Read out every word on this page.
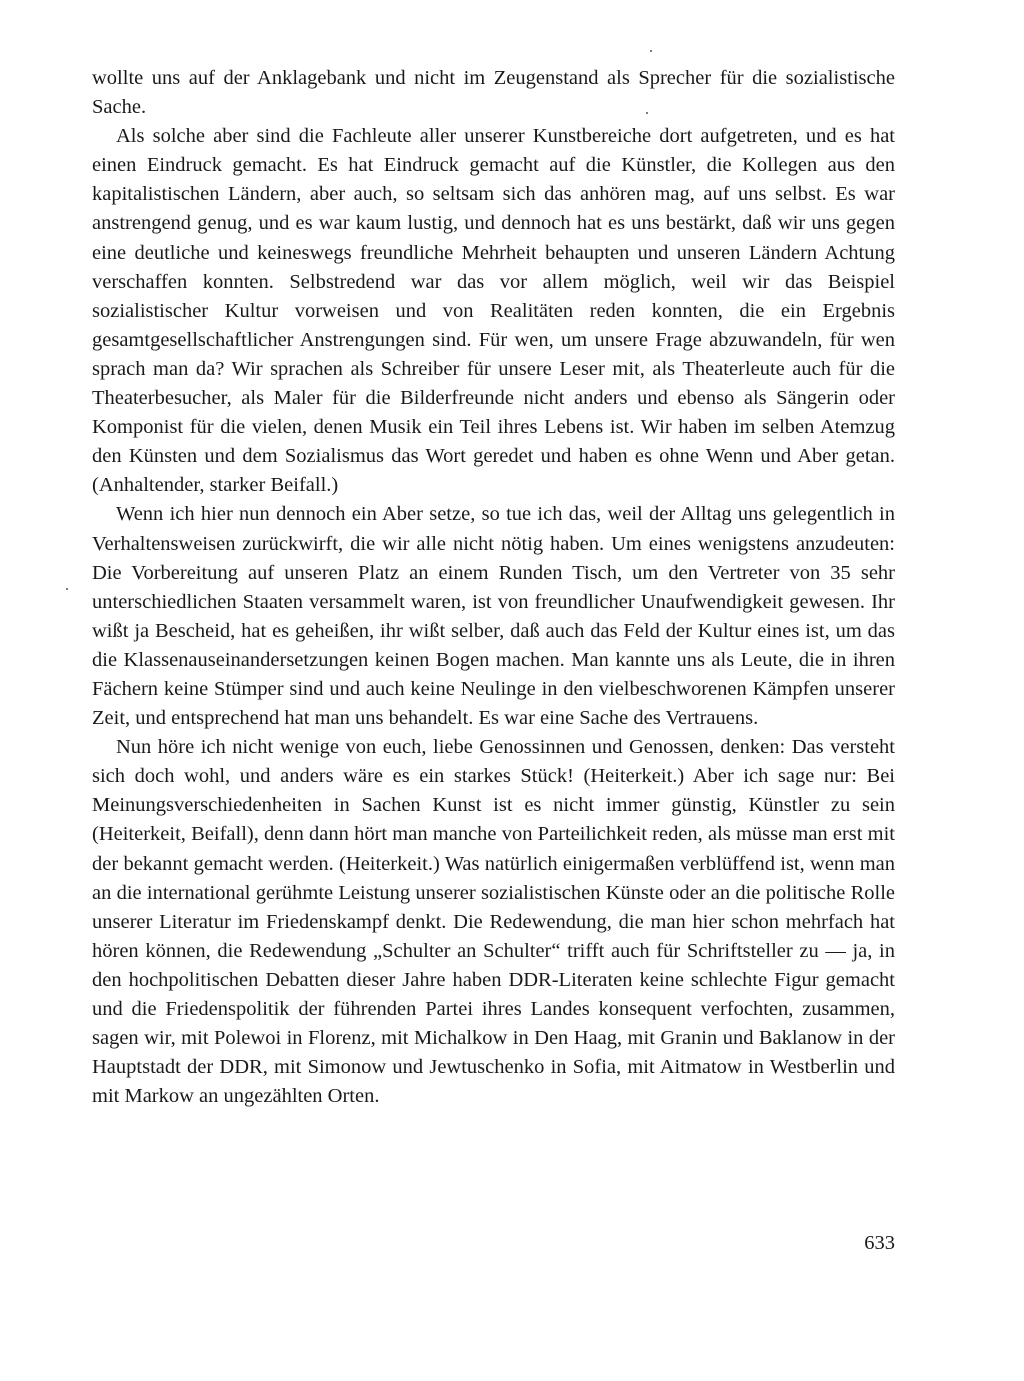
wollte uns auf der Anklagebank und nicht im Zeugenstand als Sprecher für die sozialistische Sache.

Als solche aber sind die Fachleute aller unserer Kunstbereiche dort aufgetreten, und es hat einen Eindruck gemacht. Es hat Eindruck gemacht auf die Künstler, die Kollegen aus den kapitalistischen Ländern, aber auch, so seltsam sich das anhören mag, auf uns selbst. Es war anstrengend genug, und es war kaum lustig, und dennoch hat es uns bestärkt, daß wir uns gegen eine deutliche und keineswegs freundliche Mehrheit behaupten und unseren Ländern Achtung verschaffen konnten. Selbstredend war das vor allem möglich, weil wir das Beispiel sozialistischer Kultur vorweisen und von Realitäten reden konnten, die ein Ergebnis gesamtgesellschaftlicher Anstrengungen sind. Für wen, um unsere Frage abzuwandeln, für wen sprach man da? Wir sprachen als Schreiber für unsere Leser mit, als Theaterleute auch für die Theaterbesucher, als Maler für die Bilderfreunde nicht anders und ebenso als Sängerin oder Komponist für die vielen, denen Musik ein Teil ihres Lebens ist. Wir haben im selben Atemzug den Künsten und dem Sozialismus das Wort geredet und haben es ohne Wenn und Aber getan. (Anhaltender, starker Beifall.)

Wenn ich hier nun dennoch ein Aber setze, so tue ich das, weil der Alltag uns gelegentlich in Verhaltensweisen zurückwirft, die wir alle nicht nötig haben. Um eines wenigstens anzudeuten: Die Vorbereitung auf unseren Platz an einem Runden Tisch, um den Vertreter von 35 sehr unterschiedlichen Staaten versammelt waren, ist von freundlicher Unaufwendigkeit gewesen. Ihr wißt ja Bescheid, hat es geheißen, ihr wißt selber, daß auch das Feld der Kultur eines ist, um das die Klassenauseinandersetzungen keinen Bogen machen. Man kannte uns als Leute, die in ihren Fächern keine Stümper sind und auch keine Neulinge in den vielbeschworenen Kämpfen unserer Zeit, und entsprechend hat man uns behandelt. Es war eine Sache des Vertrauens.

Nun höre ich nicht wenige von euch, liebe Genossinnen und Genossen, denken: Das versteht sich doch wohl, und anders wäre es ein starkes Stück! (Heiterkeit.) Aber ich sage nur: Bei Meinungsverschiedenheiten in Sachen Kunst ist es nicht immer günstig, Künstler zu sein (Heiterkeit, Beifall), denn dann hört man manche von Parteilichkeit reden, als müsse man erst mit der bekannt gemacht werden. (Heiterkeit.) Was natürlich einigermaßen verblüffend ist, wenn man an die international gerühmte Leistung unserer sozialistischen Künste oder an die politische Rolle unserer Literatur im Friedenskampf denkt. Die Redewendung, die man hier schon mehrfach hat hören können, die Redewendung „Schulter an Schulter“ trifft auch für Schriftsteller zu — ja, in den hochpolitischen Debatten dieser Jahre haben DDR-Literaten keine schlechte Figur gemacht und die Friedenspolitik der führenden Partei ihres Landes konsequent verfochten, zusammen, sagen wir, mit Polewoi in Florenz, mit Michalkow in Den Haag, mit Granin und Baklanow in der Hauptstadt der DDR, mit Simonow und Jewtuschenko in Sofia, mit Aitmatow in Westberlin und mit Markow an ungezählten Orten.

633
